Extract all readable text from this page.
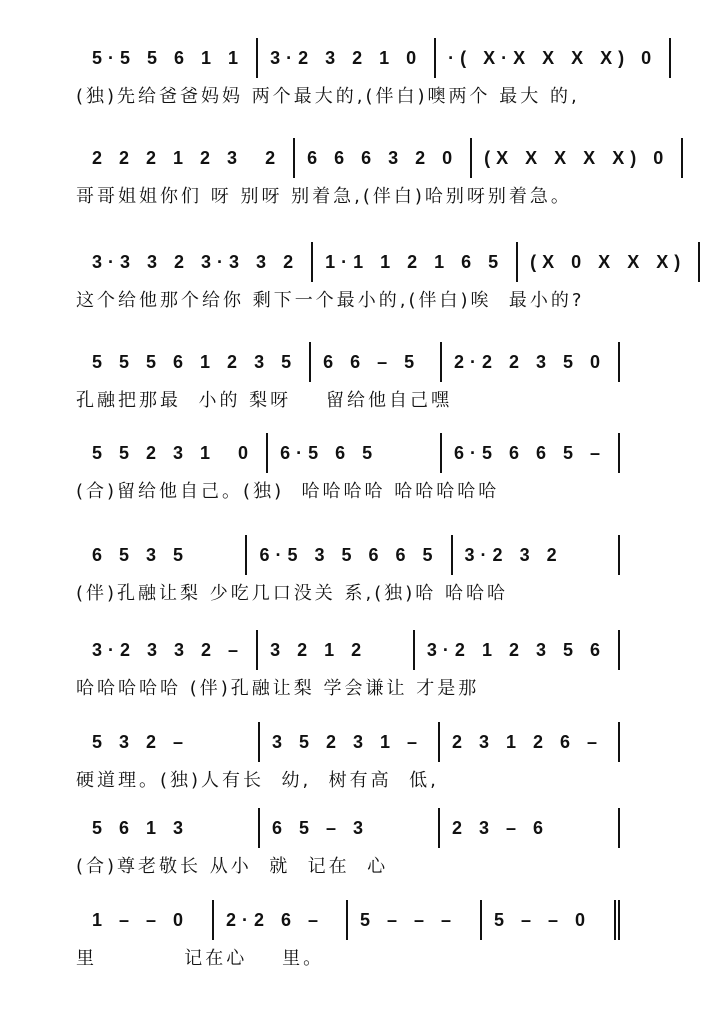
5·5 5 6 1 1	3·2 3 2 1 0	·( X·X X X X) 0
(独)先给爸爸妈妈 两个最大的,(伴白)噢两个 最大 的,
2 2 2 1 2 3  2	6 6 6 3 2 0	(X X X X X) 0
哥哥姐姐你们 呀 别呀 别着急,(伴白)哈别呀别着急。
3·3 3 2 3·3 3 2	1·1 1 2 1 6 5	(X 0 X X X)
这个给他那个给你 剩下一个最小的,(伴白)唉  最小的?
5 5 5 6 1 2 3 5	6 6 – 5	2·2 2 3 5 0
孔融把那最  小的 梨呀    留给他自己嘿
5 5 2 3 1  0	6·5 6 5	6·5 6 6 5 –
(合)留给他自己。(独)  哈哈哈哈 哈哈哈哈哈
6 5 3 5	6·5 3 5 6 6 5	3·2 3 2
(伴)孔融让梨 少吃几口没关 系,(独)哈 哈哈哈
3·2 3 3 2 –	3 2 1 2	3·2 1 2 3 5 6
哈哈哈哈哈 (伴)孔融让梨 学会谦让 才是那
5 3 2 –	3 5 2 3 1 –	2 3 1 2 6 –
硬道理。(独)人有长  幼,  树有高  低,
5 6 1 3	6 5 – 3	2 3 – 6
(合)尊老敬长 从小  就  记在  心
1 – – 0	2·2 6 –	5 – – –	5 – – 0
里          记在心    里。
